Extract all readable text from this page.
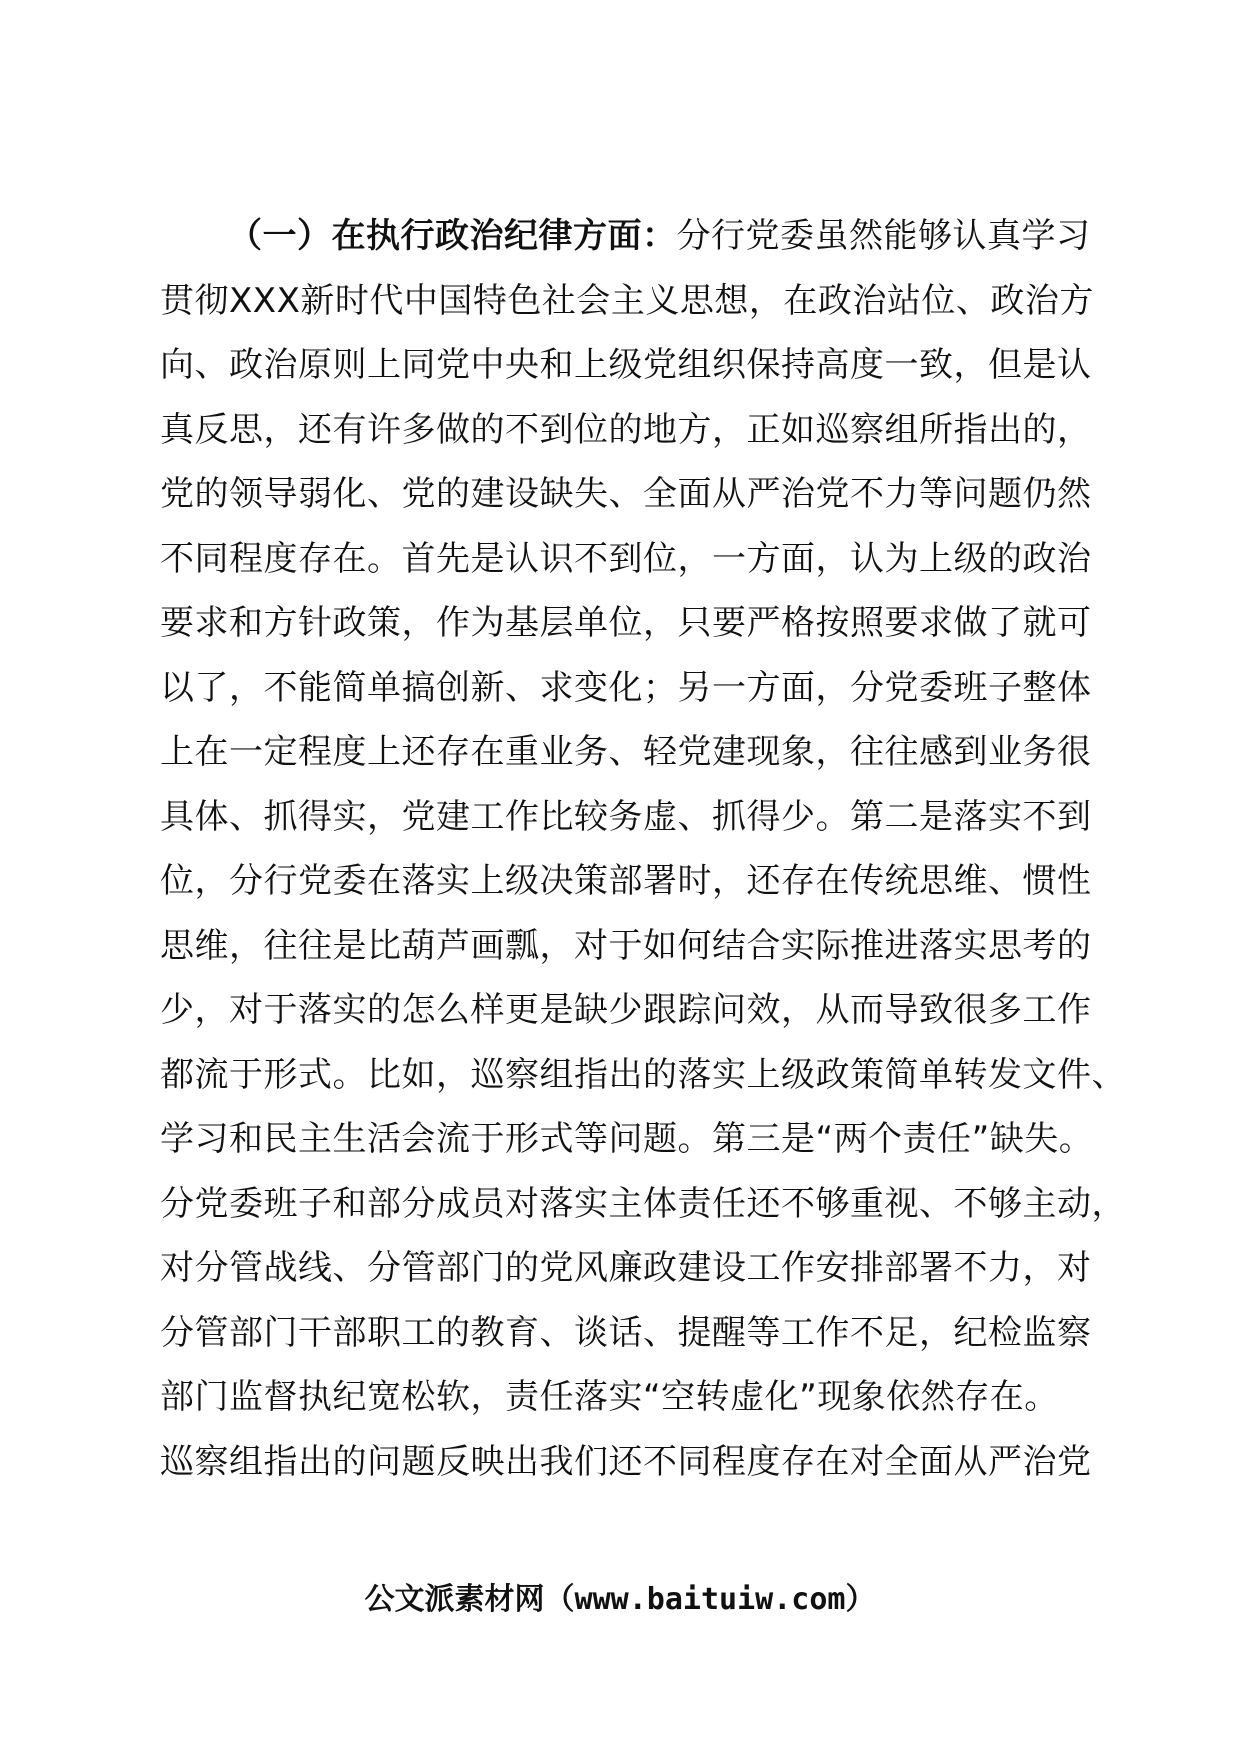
（一）在执行政治纪律方面：分行党委虽然能够认真学习
贯彻XXX新时代中国特色社会主义思想，在政治站位、政治方
向、政治原则上同党中央和上级党组织保持高度一致，但是认
真反思，还有许多做的不到位的地方，正如巡察组所指出的，
党的领导弱化、党的建设缺失、全面从严治党不力等问题仍然
不同程度存在。首先是认识不到位，一方面，认为上级的政治
要求和方针政策，作为基层单位，只要严格按照要求做了就可
以了，不能简单搞创新、求变化；另一方面，分党委班子整体
上在一定程度上还存在重业务、轻党建现象，往往感到业务很
具体、抓得实，党建工作比较务虚、抓得少。第二是落实不到
位，分行党委在落实上级决策部署时，还存在传统思维、惯性
思维，往往是比葫芦画瓢，对于如何结合实际推进落实思考的
少，对于落实的怎么样更是缺少跟踪问效，从而导致很多工作
都流于形式。比如，巡察组指出的落实上级政策简单转发文件、
学习和民主生活会流于形式等问题。第三是“两个责任”缺失。
分党委班子和部分成员对落实主体责任还不够重视、不够主动，
对分管战线、分管部门的党风廉政建设工作安排部署不力，对
分管部门干部职工的教育、谈话、提醒等工作不足，纪检监察
部门监督执纪宽松软，责任落实“空转虚化”现象依然存在。
巡察组指出的问题反映出我们还不同程度存在对全面从严治党
公文派素材网（www.baituiw.com）
